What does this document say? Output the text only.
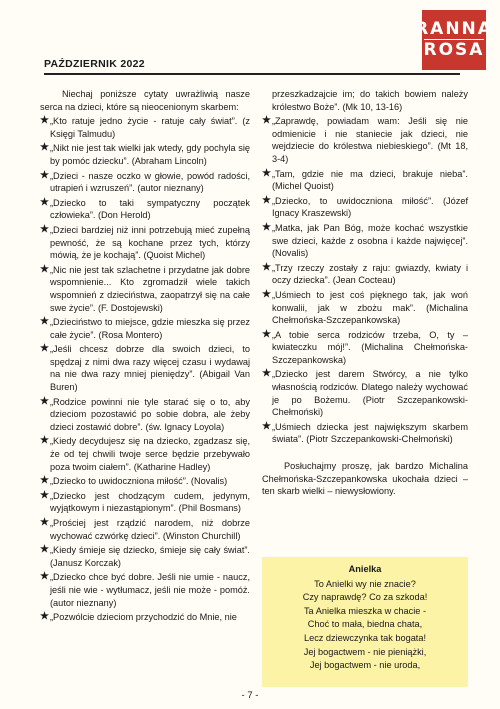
RANNA
ROSA
PAŹDZIERNIK 2022

Niechaj poniższe cytaty uwrażliwią nasze serca na dzieci, które są nieocenionym skarbem:

★ „Kto ratuje jedno życie - ratuje cały świat”. (z Księgi Talmudu)

★ „Nikt nie jest tak wielki jak wtedy, gdy pochyla się by pomóc dziecku”. (Abraham Lincoln)

★ „Dzieci - nasze oczko w głowie, powód radości, utrapień i wzruszeń”. (autor nieznany)

★ „Dziecko to taki sympatyczny początek człowieka”. (Don Herold)

★ „Dzieci bardziej niż inni potrzebują mieć zupełną pewność, że są kochane przez tych, którzy mówią, że je kochają”. (Quoist Michel)

★ „Nic nie jest tak szlachetne i przydatne jak dobre wspomnienie... Kto zgromadził wiele takich wspomnień z dzieciństwa, zaopatrzył się na całe swe życie”. (F. Dostojewski)

★ „Dzieciństwo to miejsce, gdzie mieszka się przez całe życie”. (Rosa Montero)

★ „Jeśli chcesz dobrze dla swoich dzieci, to spędzaj z nimi dwa razy więcej czasu i wydawaj na nie dwa razy mniej pieniędzy”. (Abigail Van Buren)

★ „Rodzice powinni nie tyle starać się o to, aby dzieciom pozostawić po sobie dobra, ale żeby dzieci zostawić dobre”. (św. Ignacy Loyola)

★ „Kiedy decydujesz się na dziecko, zgadzasz się, że od tej chwili twoje serce będzie przebywało poza twoim ciałem”. (Katharine Hadley)

★ „Dziecko to uwidoczniona miłość”. (Novalis)

★ „Dziecko jest chodzącym cudem, jedynym, wyjątkowym i niezastąpionym”. (Phil Bosmans)

★ „Prościej jest rządzić narodem, niż dobrze wychować czwórkę dzieci”. (Winston Churchill)

★ „Kiedy śmieje się dziecko, śmieje się cały świat”. (Janusz Korczak)

★ „Dziecko chce być dobre. Jeśli nie umie - naucz, jeśli nie wie - wytłumacz, jeśli nie może - pomóż. (autor nieznany)

★ „Pozwólcie dzieciom przychodzić do Mnie, nie

przeszkadzajcie im; do takich bowiem należy królestwo Boże”. (Mk 10, 13-16)

★ „Zaprawdę, powiadam wam: Jeśli się nie odmienicie i nie staniecie jak dzieci, nie wejdziecie do królestwa niebieskiego”. (Mt 18, 3-4)

★ „Tam, gdzie nie ma dzieci, brakuje nieba”. (Michel Quoist)

★ „Dziecko, to uwidoczniona miłość”. (Józef Ignacy Kraszewski)

★ „Matka, jak Pan Bóg, może kochać wszystkie swe dzieci, każde z osobna i każde najwięcej”. (Novalis)

★ „Trzy rzeczy zostały z raju: gwiazdy, kwiaty i oczy dziecka”. (Jean Cocteau)

★ „Uśmiech to jest coś pięknego tak, jak woń konwalii, jak w zbożu mak”. (Michalina Chełmońska-Szczepankowska)

★ „A tobie serca rodziców trzeba, O, ty – kwiateczku mój!”. (Michalina Chełmońska-Szczepankowska)

★ „Dziecko jest darem Stwórcy, a nie tylko własnością rodziców. Dlatego należy wychować je po Bożemu. (Piotr Szczepankowski-Chełmoński)

★ „Uśmiech dziecka jest największym skarbem świata”. (Piotr Szczepankowski-Chełmoński)

Posłuchajmy proszę, jak bardzo Michalina Chełmońska-Szczepankowska ukochała dzieci – ten skarb wielki – niewysłowiony.

Anielka
To Anielki wy nie znacie?
Czy naprawdę? Co za szkoda!
Ta Anielka mieszka w chacie -
Choć to mała, biedna chata,
Lecz dziewczynka tak bogata!
Jej bogactwem - nie pieniążki,
Jej bogactwem - nie uroda,
- 7 -
